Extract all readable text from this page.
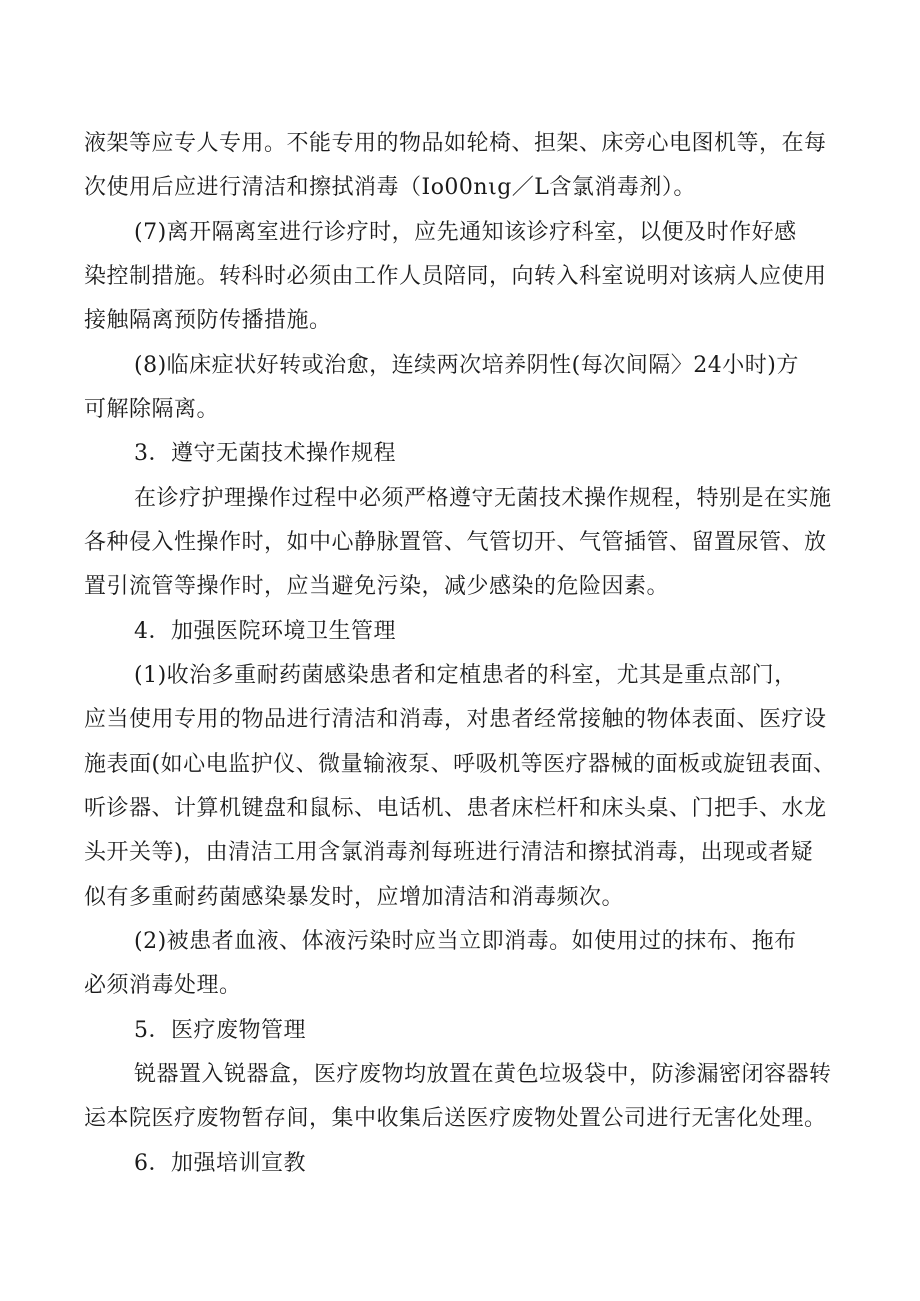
液架等应专人专用。不能专用的物品如轮椅、担架、床旁心电图机等，在每
次使用后应进行清洁和擦拭消毒（Io00nιg／L含氯消毒剂）。
(7)离开隔离室进行诊疗时，应先通知该诊疗科室，以便及时作好感
染控制措施。转科时必须由工作人员陪同，向转入科室说明对该病人应使用
接触隔离预防传播措施。
(8)临床症状好转或治愈，连续两次培养阴性(每次间隔〉24小时)方
可解除隔离。
3．遵守无菌技术操作规程
在诊疗护理操作过程中必须严格遵守无菌技术操作规程，特别是在实施
各种侵入性操作时，如中心静脉置管、气管切开、气管插管、留置尿管、放
置引流管等操作时，应当避免污染，减少感染的危险因素。
4．加强医院环境卫生管理
(1)收治多重耐药菌感染患者和定植患者的科室，尤其是重点部门，
应当使用专用的物品进行清洁和消毒，对患者经常接触的物体表面、医疗设
施表面(如心电监护仪、微量输液泵、呼吸机等医疗器械的面板或旋钮表面、
听诊器、计算机键盘和鼠标、电话机、患者床栏杆和床头桌、门把手、水龙
头开关等)，由清洁工用含氯消毒剂每班进行清洁和擦拭消毒，出现或者疑
似有多重耐药菌感染暴发时，应增加清洁和消毒频次。
(2)被患者血液、体液污染时应当立即消毒。如使用过的抹布、拖布
必须消毒处理。
5．医疗废物管理
锐器置入锐器盒，医疗废物均放置在黄色垃圾袋中，防渗漏密闭容器转
运本院医疗废物暂存间，集中收集后送医疗废物处置公司进行无害化处理。
6．加强培训宣教
